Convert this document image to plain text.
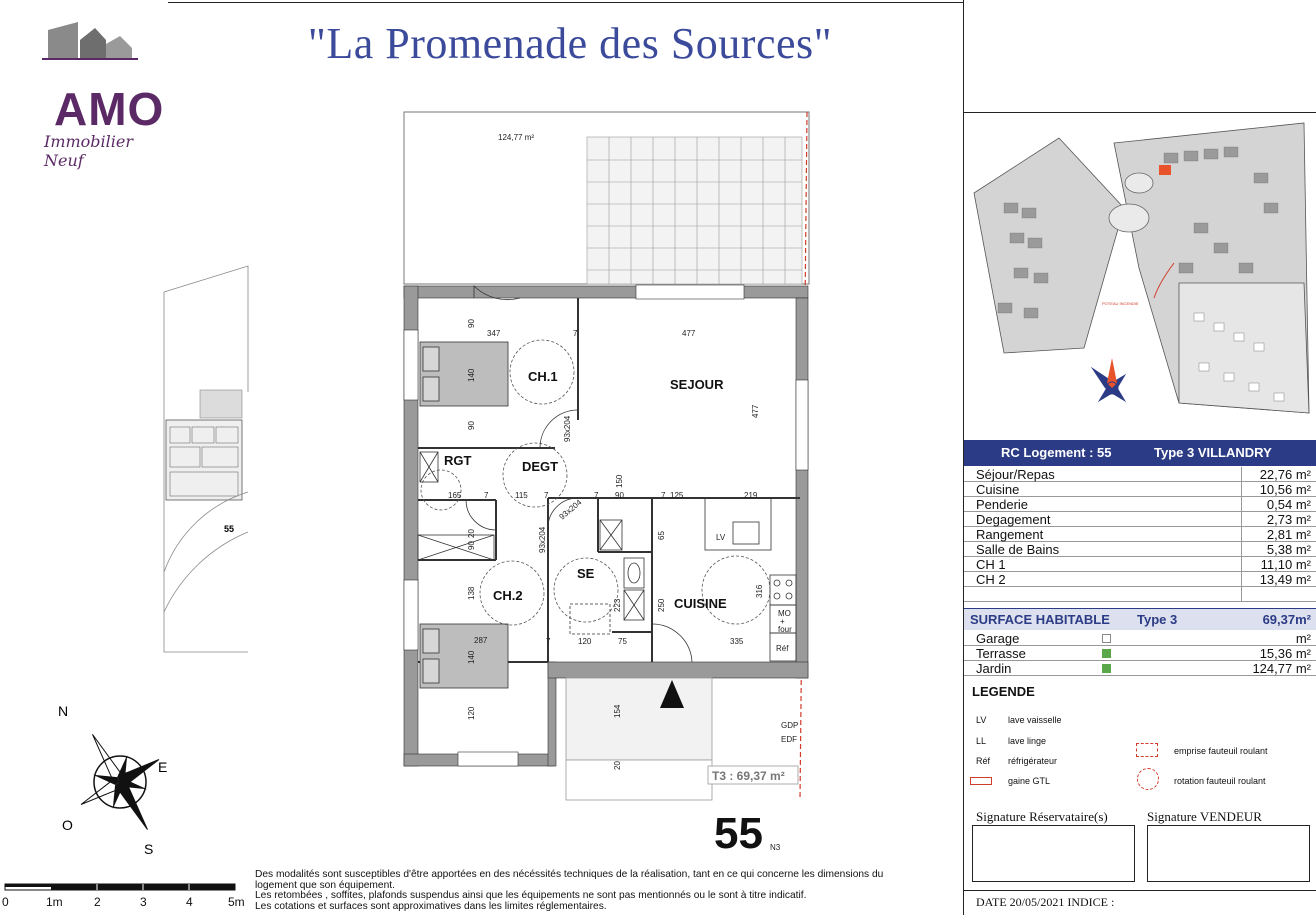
AMO
Immobilier Neuf
"La Promenade des Sources"
124,77 m²
CH.1
SEJOUR
RGT	DEGT
SE
CH.2
CUISINE
LV
MO
+
four
Réf
347	477
477
90
140
90
7
7	7	7
7
7
165	115	90	125	219
150
90
138
140
287
120
120
223
75
250
316
335
65
154
20
20
93x204
93x204
93x204
GDP
EDF
T3 : 69,37 m²
55 N3
55
N
E
S
O
0	1m	2	3	4	5m
Des modalités sont susceptibles d'être apportées en des nécéssités techniques de la réalisation, tant en ce qui concerne les dimensions du
logement que son équipement.
Les retombées , soffites, plafonds suspendus ainsi que les équipements ne sont pas mentionnés ou le sont à titre indicatif.
Les cotations et surfaces sont approximatives dans les limites réglementaires.
POTEAU INCENDIE
RC Logement : 55	Type 3 VILLANDRY
Séjour/Repas	22,76 m²
Cuisine	10,56 m²
Penderie	0,54 m²
Degagement	2,73 m²
Rangement	2,81 m²
Salle de Bains	5,38 m²
CH 1	11,10 m²
CH 2	13,49 m²
SURFACE HABITABLE Type 3	69,37m²
Garage	m²
Terrasse	15,36 m²
Jardin	124,77 m²
LEGENDE
LV lave vaisselle
LL lave linge
Réf réfrigérateur
gaine GTL
emprise fauteuil roulant
rotation fauteuil roulant
Signature Réservataire(s)	Signature VENDEUR
DATE 20/05/2021 INDICE :
